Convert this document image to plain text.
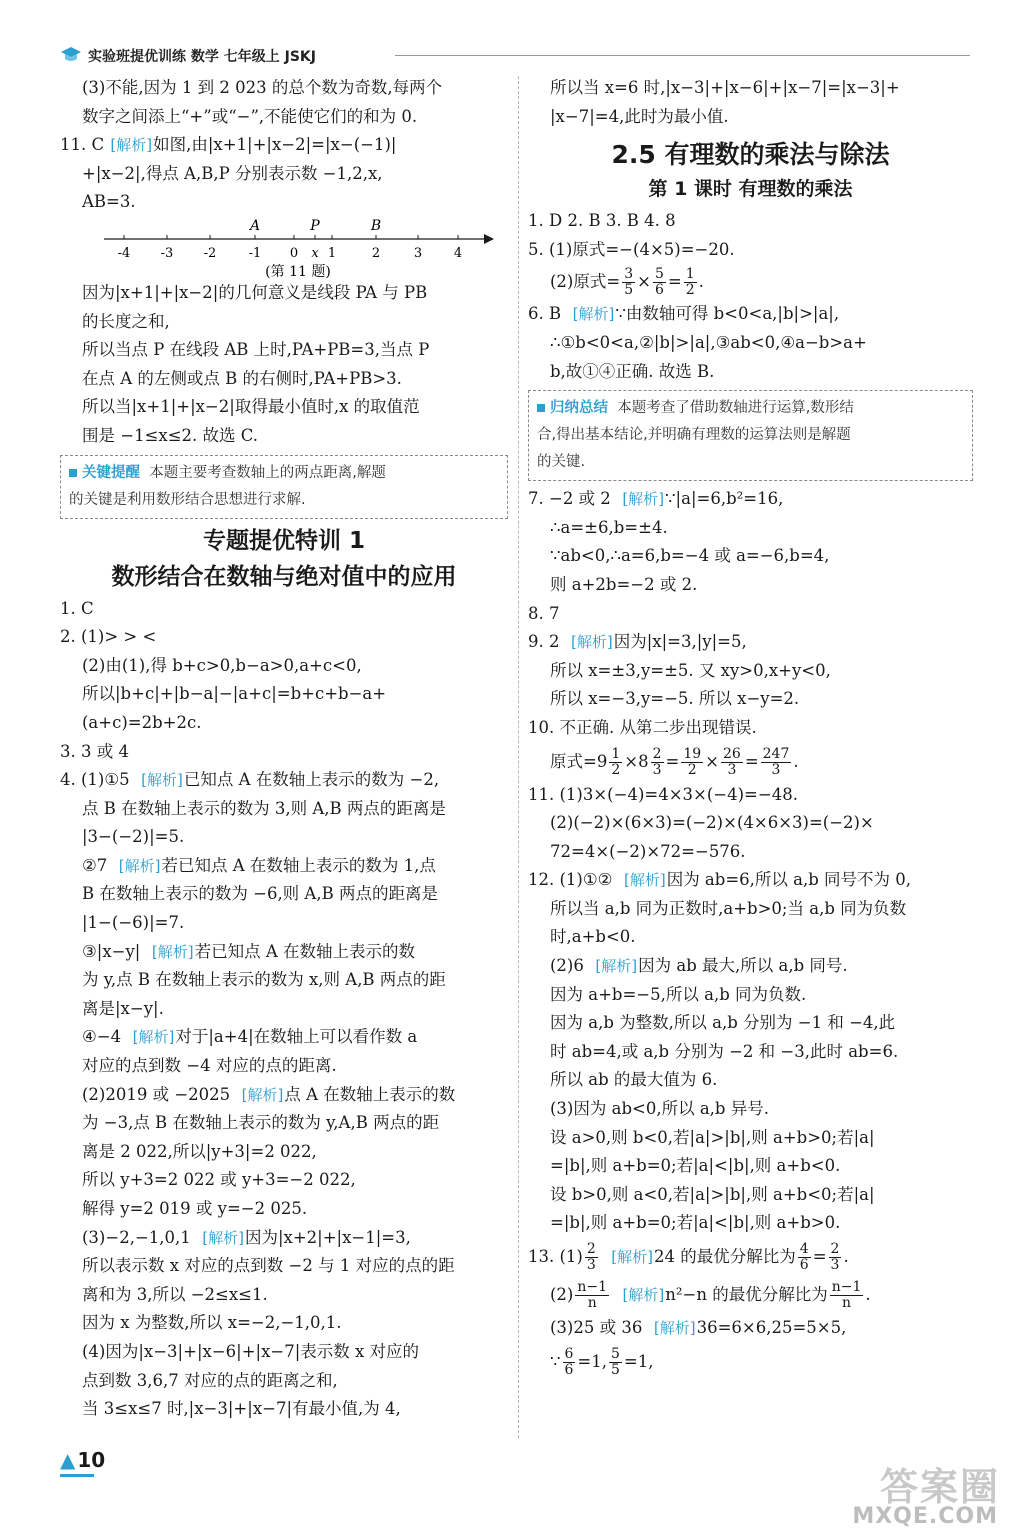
实验班提优训练 数学 七年级上 JSKJ
(3)不能,因为 1 到 2 023 的总个数为奇数,每两个
数字之间添上“+”或“−”,不能使它们的和为 0.
11. C [ 解析 ] 如图,由|x+1|+|x−2|=|x−(−1)|
+|x−2|,得点 A,B,P 分别表示数 −1,2,x,
AB=3.
A	P	B
-4 -3 -2 -1 0 x 1	2	3 4
(第 11 题)
因为|x+1|+|x−2|的几何意义是线段 PA 与 PB
的长度之和,
所以当点 P 在线段 AB 上时,PA+PB=3,当点 P
在点 A 的左侧或点 B 的右侧时,PA+PB>3.
所以当|x+1|+|x−2|取得最小值时,x 的取值范
围是 −1≤x≤2. 故选 C.
关键提醒 本题主要考查数轴上的两点距离,解题
的关键是利用数形结合思想进行求解.
专题提优特训 1
数形结合在数轴与绝对值中的应用
1. C
2. (1)> > <
(2)由(1),得 b+c>0,b−a>0,a+c<0,
所以|b+c|+|b−a|−|a+c|=b+c+b−a+
(a+c)=2b+2c.
3. 3 或 4
4. (1)①5 [ 解析 ] 已知点 A 在数轴上表示的数为 −2,
点 B 在数轴上表示的数为 3,则 A,B 两点的距离是
|3−(−2)|=5.
②7 [ 解析 ] 若已知点 A 在数轴上表示的数为 1,点
B 在数轴上表示的数为 −6,则 A,B 两点的距离是
|1−(−6)|=7.
③|x−y| [ 解析 ] 若已知点 A 在数轴上表示的数
为 y,点 B 在数轴上表示的数为 x,则 A,B 两点的距
离是|x−y|.
④−4 [ 解析 ] 对于|a+4|在数轴上可以看作数 a
对应的点到数 −4 对应的点的距离.
(2)2019 或 −2025 [ 解析 ] 点 A 在数轴上表示的数
为 −3,点 B 在数轴上表示的数为 y,A,B 两点的距
离是 2 022,所以|y+3|=2 022,
所以 y+3=2 022 或 y+3=−2 022,
解得 y=2 019 或 y=−2 025.
(3)−2,−1,0,1 [ 解析 ] 因为|x+2|+|x−1|=3,
所以表示数 x 对应的点到数 −2 与 1 对应的点的距
离和为 3,所以 −2≤x≤1.
因为 x 为整数,所以 x=−2,−1,0,1.
(4)因为|x−3|+|x−6|+|x−7|表示数 x 对应的
点到数 3,6,7 对应的点的距离之和,
当 3≤x≤7 时,|x−3|+|x−7|有最小值,为 4,
所以当 x=6 时,|x−3|+|x−6|+|x−7|=|x−3|+
|x−7|=4,此时为最小值.
2.5 有理数的乘法与除法
第 1 课时 有理数的乘法
1. D 2. B 3. B 4. 8
5. (1)原式=−(4×5)=−20.
(2)原式= $\frac{3}{5} \times \frac{5}{6} = \frac{1}{2}$ .
6. B [ 解析 ] ∵由数轴可得 b<0<a,|b|>|a|,
∴①b<0<a,②|b|>|a|,③ab<0,④a−b>a+
b,故①④正确. 故选 B.
归纳总结 本题考查了借助数轴进行运算,数形结
合,得出基本结论,并明确有理数的运算法则是解题
的关键.
7. −2 或 2 [ 解析 ] ∵|a|=6,b²=16,
∴a=±6,b=±4.
∵ab<0,∴a=6,b=−4 或 a=−6,b=4,
则 a+2b=−2 或 2.
8. 7
9. 2 [ 解析 ] 因为|x|=3,|y|=5,
所以 x=±3,y=±5. 又 xy>0,x+y<0,
所以 x=−3,y=−5. 所以 x−y=2.
10. 不正确. 从第二步出现错误.
原式$=9 \frac{1}{2} \times 8 \frac{2}{3} = \frac{19}{2} \times \frac{26}{3} = \frac{247}{3}$ .
11. (1)3×(−4)=4×3×(−4)=−48.
(2)(−2)×(6×3)=(−2)×(4×6×3)=(−2)×
72=4×(−2)×72=−576.
12. (1)①② [ 解析 ] 因为 ab=6,所以 a,b 同号不为 0,
所以当 a,b 同为正数时,a+b>0;当 a,b 同为负数
时,a+b<0.
(2)6 [ 解析 ] 因为 ab 最大,所以 a,b 同号.
因为 a+b=−5,所以 a,b 同为负数.
因为 a,b 为整数,所以 a,b 分别为 −1 和 −4,此
时 ab=4,或 a,b 分别为 −2 和 −3,此时 ab=6.
所以 ab 的最大值为 6.
(3)因为 ab<0,所以 a,b 异号.
设 a>0,则 b<0,若|a|>|b|,则 a+b>0;若|a|
=|b|,则 a+b=0;若|a|<|b|,则 a+b<0.
设 b>0,则 a<0,若|a|>|b|,则 a+b<0;若|a|
=|b|,则 a+b=0;若|a|<|b|,则 a+b>0.
13. $(1) \frac{2}{3}$ [ 解析 ] 24 的最优分解比为 $\frac{4}{6} = \frac{2}{3}$ .
$(2) \frac{n-1}{n}$ [ 解析 ] n²−n 的最优分解比为 $\frac{n-1}{n}$ .
(3)25 或 36 [ 解析 ] 36=6×6,25=5×5,
∵ $\frac{6}{6} =1$, $\frac{5}{5} =1$,
▲ 10
答案圈
MXQE.COM
